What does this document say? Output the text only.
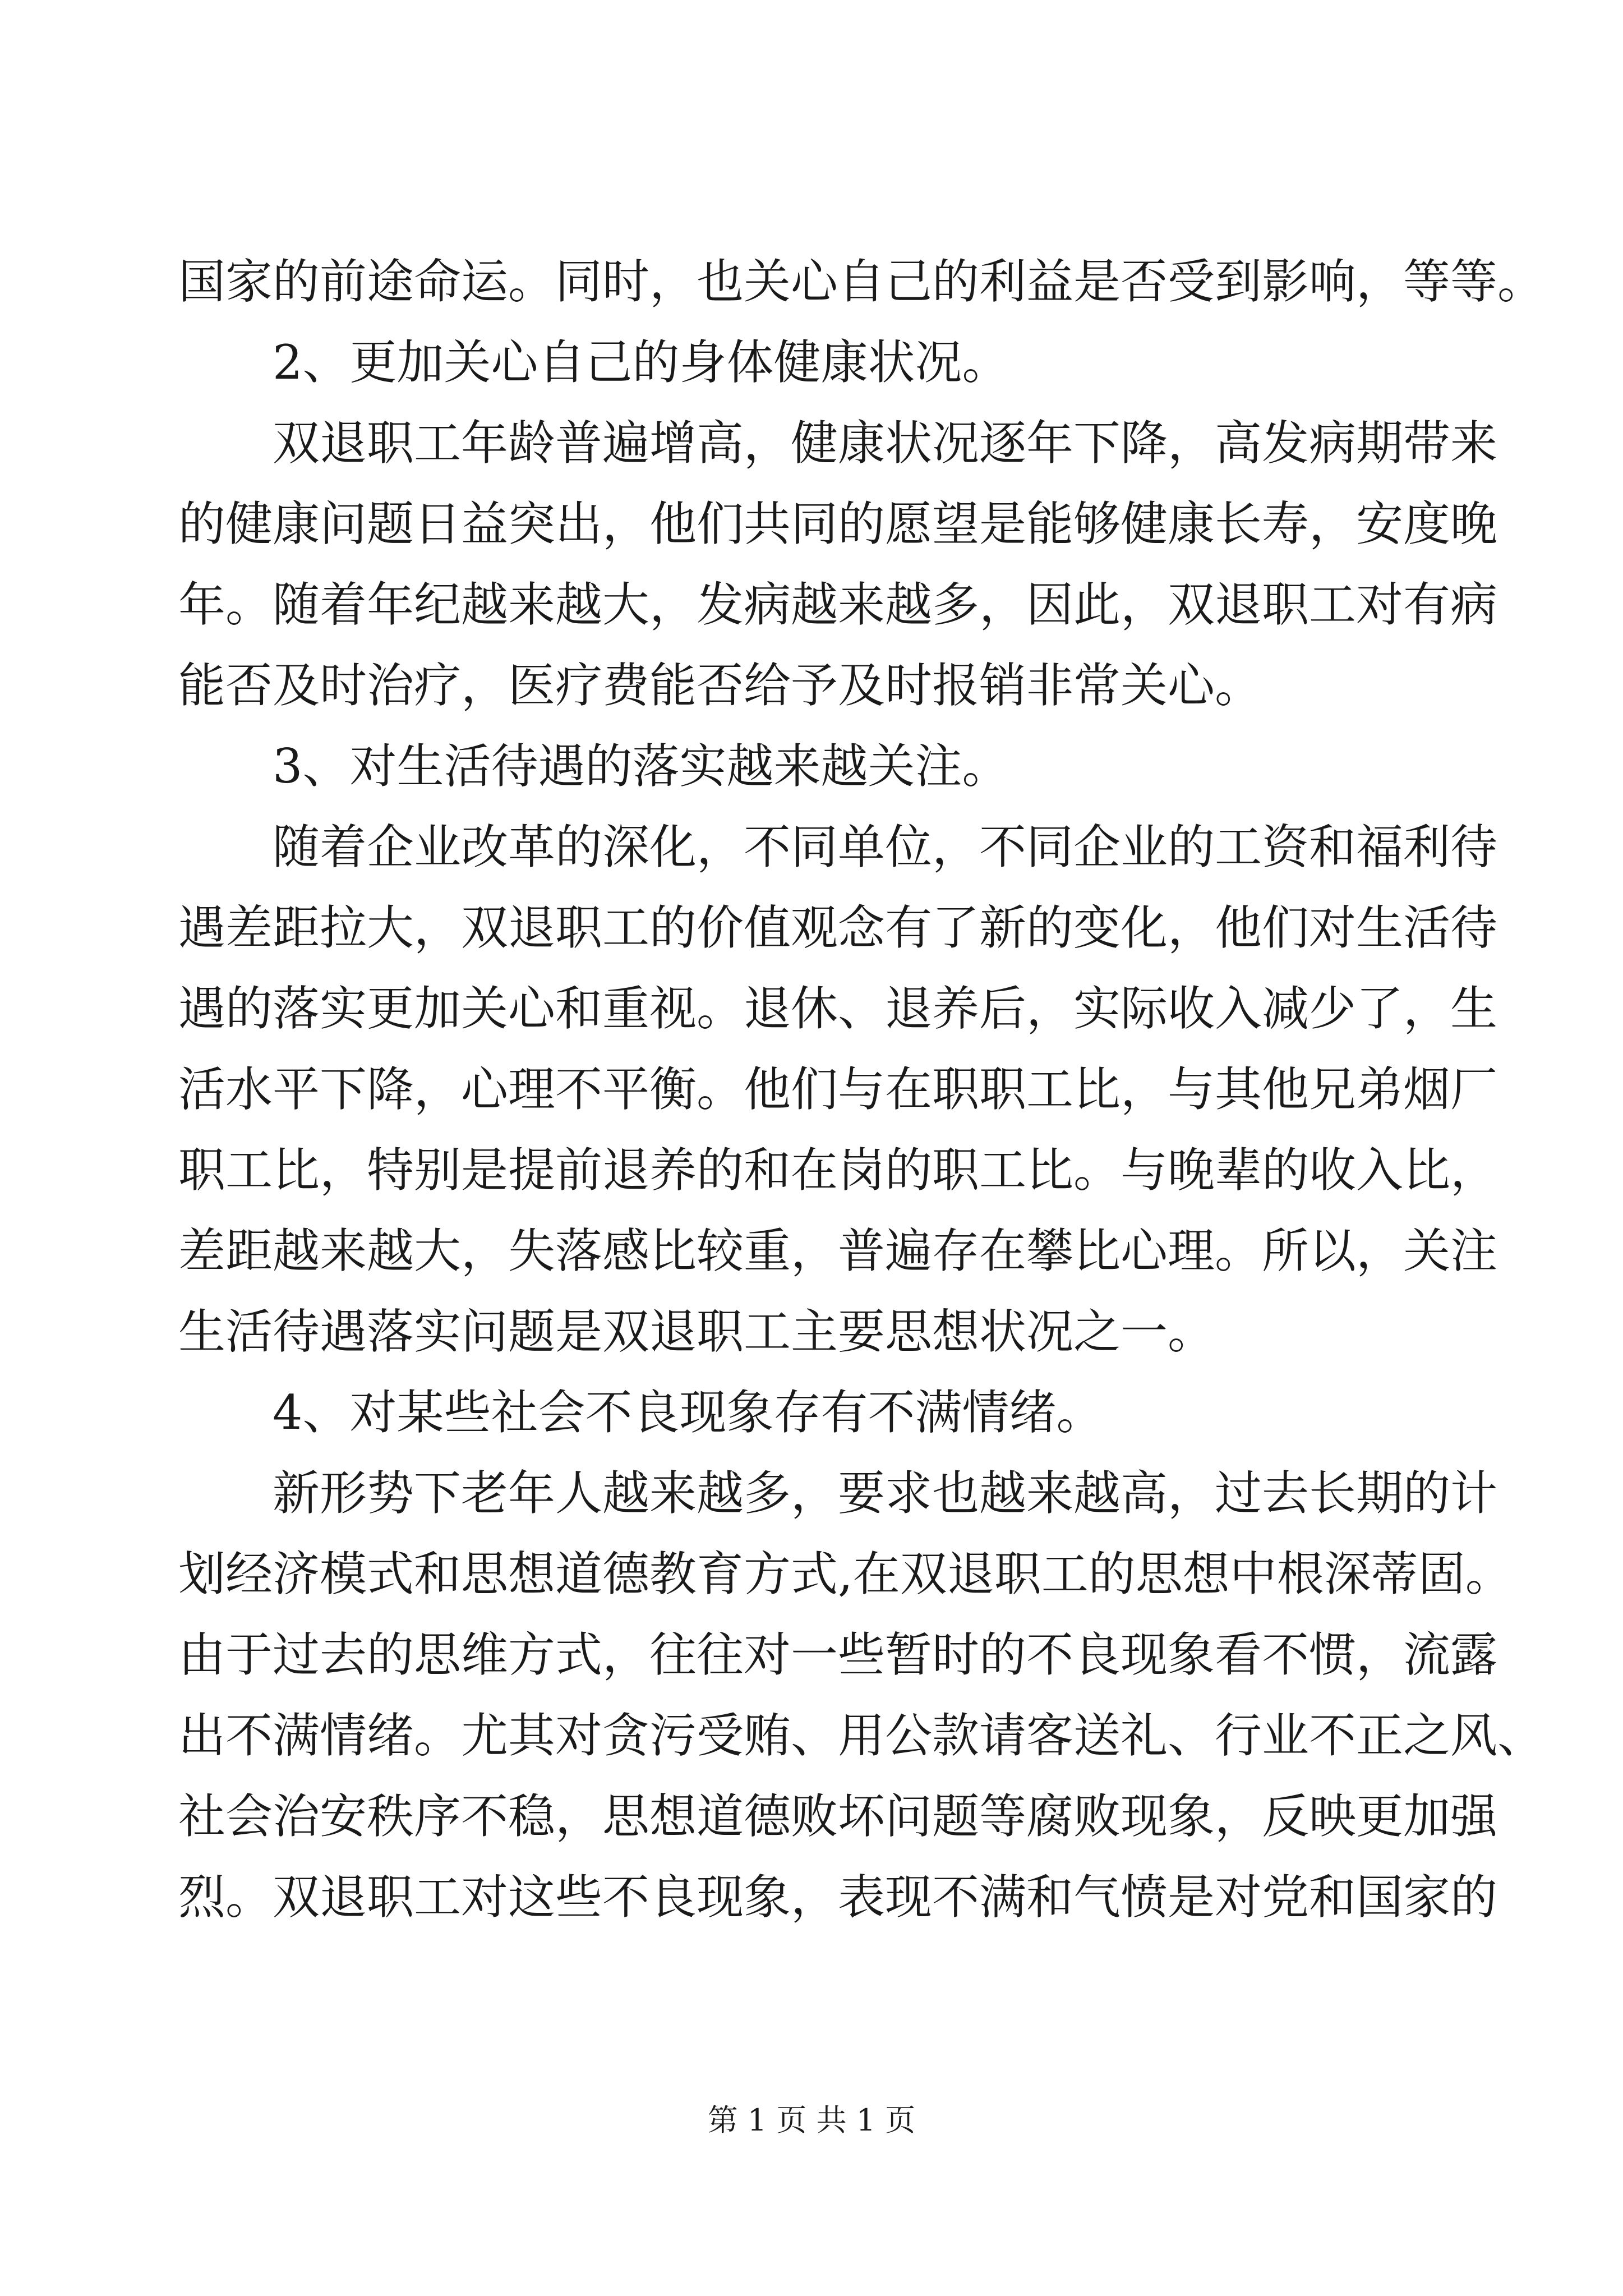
国家的前途命运。同时，也关心自己的利益是否受到影响，等等。
2、更加关心自己的身体健康状况。
双退职工年龄普遍增高，健康状况逐年下降，高发病期带来
的健康问题日益突出，他们共同的愿望是能够健康长寿，安度晚
年。随着年纪越来越大，发病越来越多，因此，双退职工对有病
能否及时治疗，医疗费能否给予及时报销非常关心。
3、对生活待遇的落实越来越关注。
随着企业改革的深化，不同单位，不同企业的工资和福利待
遇差距拉大，双退职工的价值观念有了新的变化，他们对生活待
遇的落实更加关心和重视。退休、退养后，实际收入减少了，生
活水平下降，心理不平衡。他们与在职职工比，与其他兄弟烟厂
职工比，特别是提前退养的和在岗的职工比。与晚辈的收入比，
差距越来越大，失落感比较重，普遍存在攀比心理。所以，关注
生活待遇落实问题是双退职工主要思想状况之一。
4、对某些社会不良现象存有不满情绪。
新形势下老年人越来越多，要求也越来越高，过去长期的计
划经济模式和思想道德教育方式,在双退职工的思想中根深蒂固。
由于过去的思维方式，往往对一些暂时的不良现象看不惯，流露
出不满情绪。尤其对贪污受贿、用公款请客送礼、行业不正之风、
社会治安秩序不稳，思想道德败坏问题等腐败现象，反映更加强
烈。双退职工对这些不良现象，表现不满和气愤是对党和国家的
第 1 页 共 1 页
